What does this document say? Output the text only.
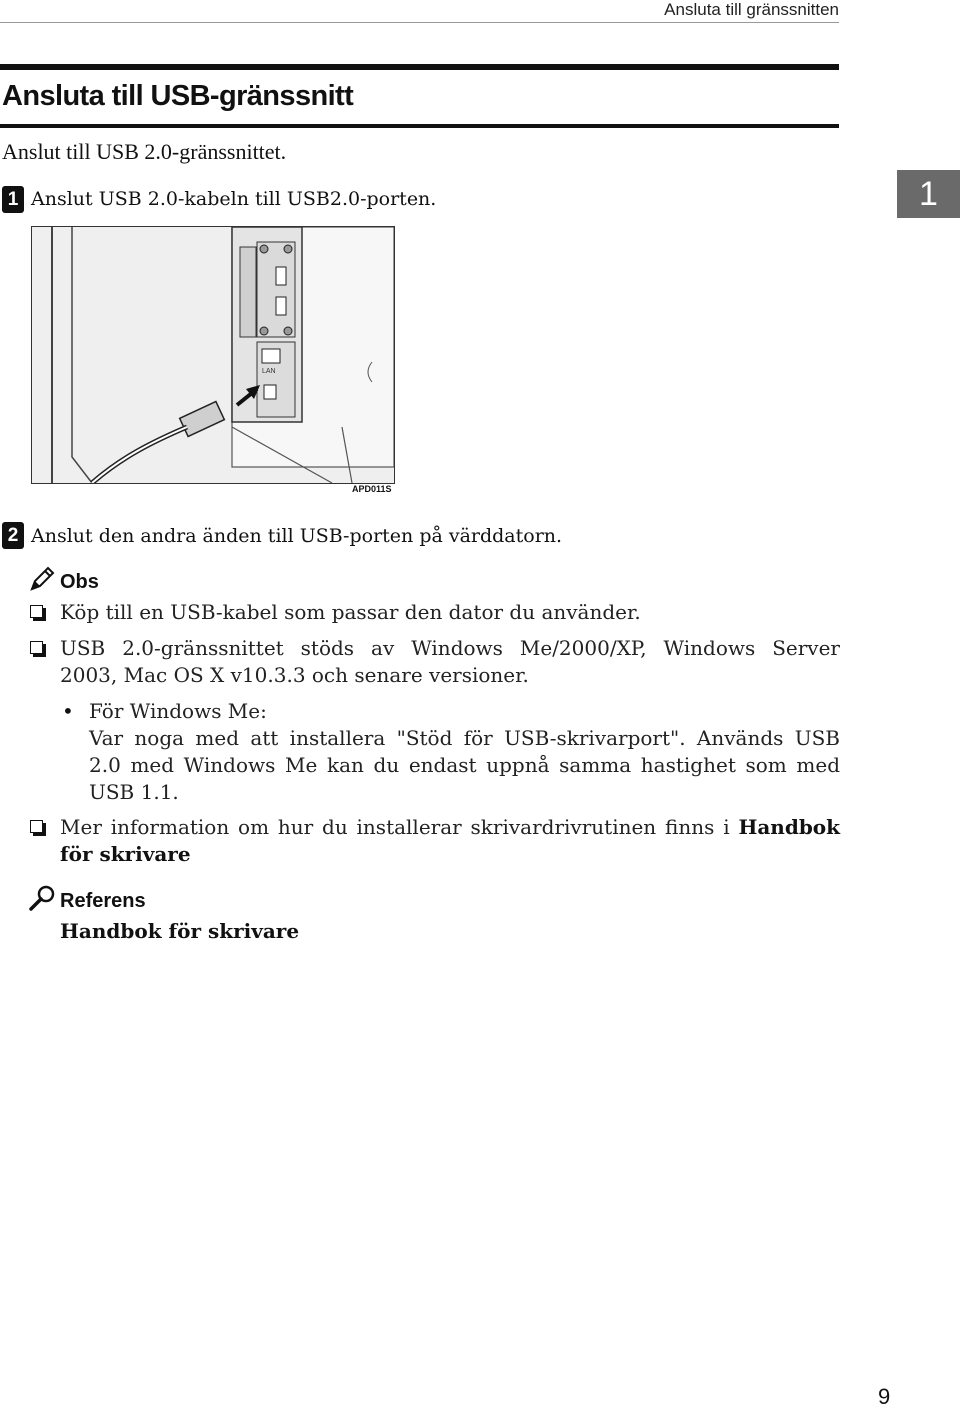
Ansluta till gränssnitten
Ansluta till USB-gränssnitt
Anslut till USB 2.0-gränssnittet.
1
1 Anslut USB 2.0-kabeln till USB2.0-porten.
LAN
APD011S
2 Anslut den andra änden till USB-porten på värddatorn.
Obs
Köp till en USB-kabel som passar den dator du använder.
USB 2.0-gränssnittet stöds av Windows Me/2000/XP, Windows Server
2003, Mac OS X v10.3.3 och senare versioner.
• För Windows Me:
Var noga med att installera "Stöd för USB-skrivarport". Används USB
2.0 med Windows Me kan du endast uppnå samma hastighet som med
USB 1.1.
Mer information om hur du installerar skrivardrivrutinen finns i Handbok
för skrivare
Referens
Handbok för skrivare
9
